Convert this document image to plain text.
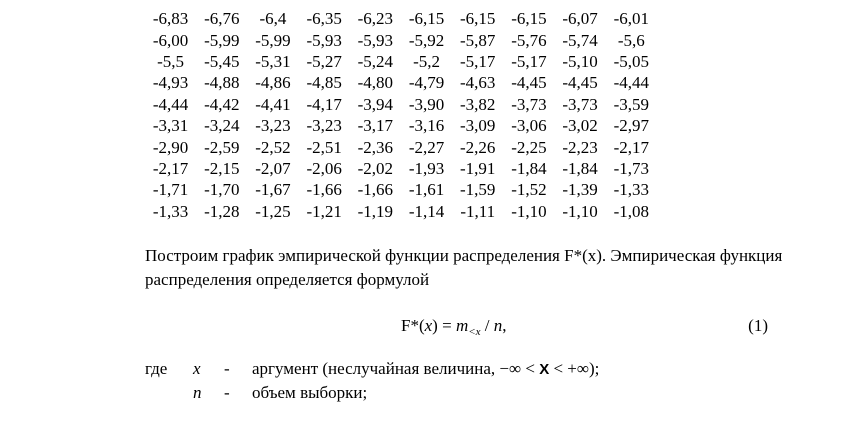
-6,83	-6,76	-6,4	-6,35	-6,23	-6,15	-6,15	-6,15	-6,07	-6,01
-6,00	-5,99	-5,99	-5,93	-5,93	-5,92	-5,87	-5,76	-5,74	-5,6
-5,5	-5,45	-5,31	-5,27	-5,24	-5,2	-5,17	-5,17	-5,10	-5,05
-4,93	-4,88	-4,86	-4,85	-4,80	-4,79	-4,63	-4,45	-4,45	-4,44
-4,44	-4,42	-4,41	-4,17	-3,94	-3,90	-3,82	-3,73	-3,73	-3,59
-3,31	-3,24	-3,23	-3,23	-3,17	-3,16	-3,09	-3,06	-3,02	-2,97
-2,90	-2,59	-2,52	-2,51	-2,36	-2,27	-2,26	-2,25	-2,23	-2,17
-2,17	-2,15	-2,07	-2,06	-2,02	-1,93	-1,91	-1,84	-1,84	-1,73
-1,71	-1,70	-1,67	-1,66	-1,66	-1,61	-1,59	-1,52	-1,39	-1,33
-1,33	-1,28	-1,25	-1,21	-1,19	-1,14	-1,11	-1,10	-1,10	-1,08
Построим график эмпирической функции распределения F*(x). Эмпирическая функция распределения определяется формулой
$F*(x) = m_{<x} / n$,	(1)
где x - аргумент (неслучайная величина, −∞ < X < +∞);
n - объем выборки;
